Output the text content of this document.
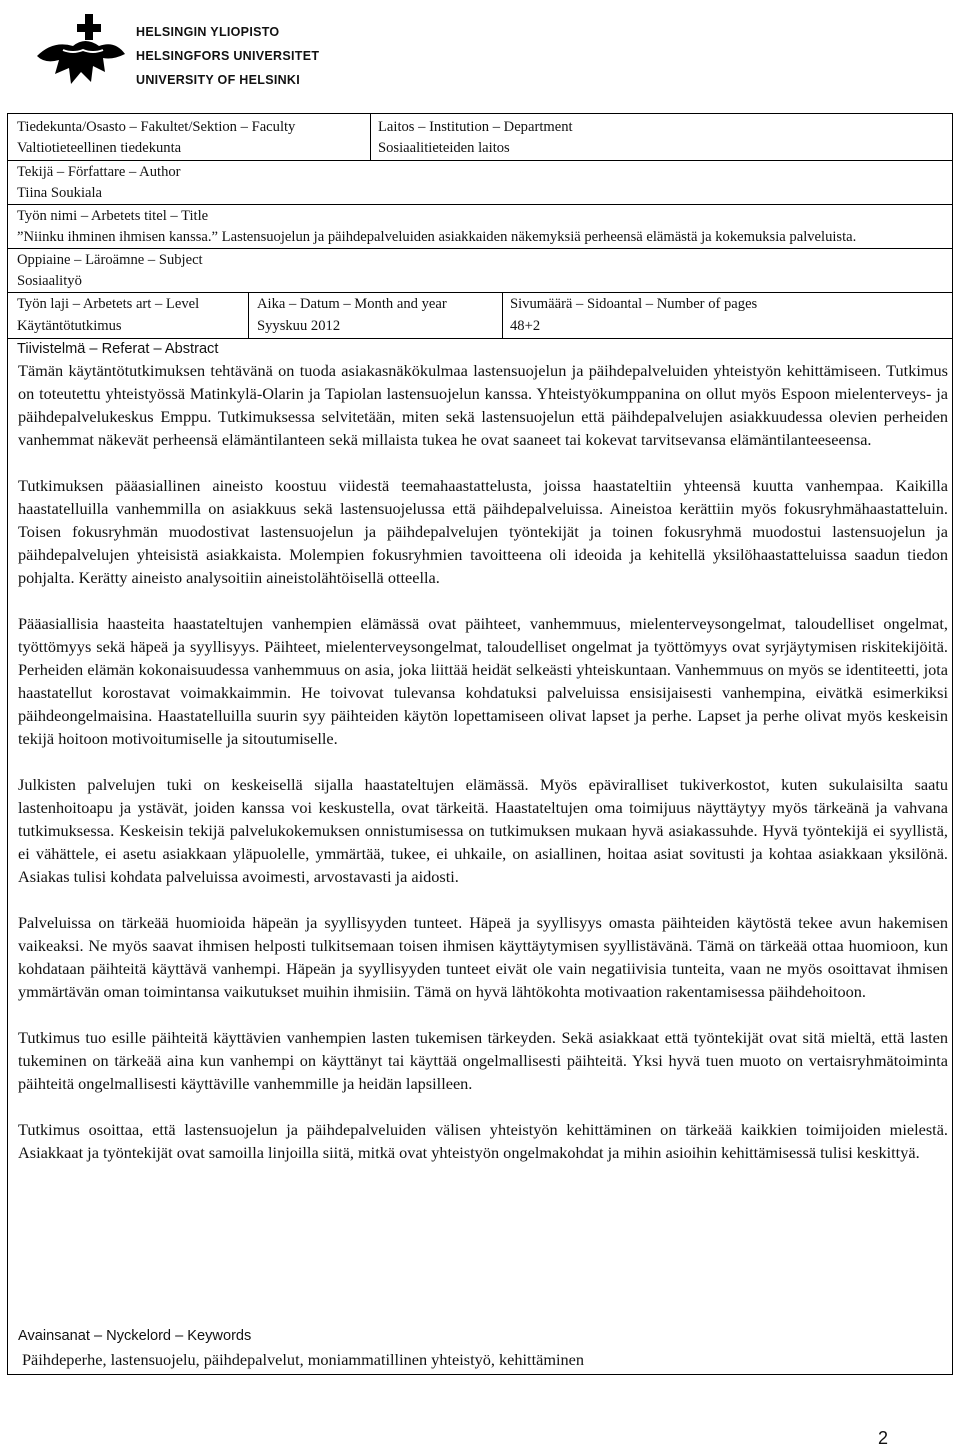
HELSINGIN YLIOPISTO
HELSINGFORS UNIVERSITET
UNIVERSITY OF HELSINKI
Tiedekunta/Osasto – Fakultet/Sektion – Faculty
Valtiotieteellinen tiedekunta
Laitos – Institution – Department
Sosiaalitieteiden laitos
Tekijä – Författare – Author
Tiina Soukiala
Työn nimi – Arbetets titel – Title
”Niinku ihminen ihmisen kanssa.” Lastensuojelun ja päihdepalveluiden asiakkaiden näkemyksiä perheensä elämästä ja kokemuksia palveluista.
Oppiaine – Läroämne – Subject
Sosiaalityö
Työn laji – Arbetets art – Level
Käytäntötutkimus
Aika – Datum – Month and year
Syyskuu 2012
Sivumäärä – Sidoantal – Number of pages
48+2
Tiivistelmä – Referat – Abstract

Tämän käytäntötutkimuksen tehtävänä on tuoda asiakasnäkökulmaa lastensuojelun ja päihdepalveluiden yhteistyön kehittämiseen. Tutkimus on toteutettu yhteistyössä Matinkylä-Olarin ja Tapiolan lastensuojelun kanssa. Yhteistyökumppanina on ollut myös Espoon mielenterveys- ja päihdepalvelukeskus Emppu. Tutkimuksessa selvitetään, miten sekä lastensuojelun että päihdepalvelujen asiakkuudessa olevien perheiden vanhemmat näkevät perheensä elämäntilanteen sekä millaista tukea he ovat saaneet tai kokevat tarvitsevansa elämäntilanteeseensa.

Tutkimuksen pääasiallinen aineisto koostuu viidestä teemahaastattelusta, joissa haastateltiin yhteensä kuutta vanhempaa. Kaikilla haastatelluilla vanhemmilla on asiakkuus sekä lastensuojelussa että päihdepalveluissa. Aineistoa kerättiin myös fokusryhmähaastatteluin. Toisen fokusryhmän muodostivat lastensuojelun ja päihdepalvelujen työntekijät ja toinen fokusryhmä muodostui lastensuojelun ja päihdepalvelujen yhteisistä asiakkaista. Molempien fokusryhmien tavoitteena oli ideoida ja kehitellä yksilöhaastatteluissa saadun tiedon pohjalta. Kerätty aineisto analysoitiin aineistolähtöisellä otteella.

Pääasiallisia haasteita haastateltujen vanhempien elämässä ovat päihteet, vanhemmuus, mielenterveysongelmat, taloudelliset ongelmat, työttömyys sekä häpeä ja syyllisyys. Päihteet, mielenterveysongelmat, taloudelliset ongelmat ja työttömyys ovat syrjäytymisen riskitekijöitä. Perheiden elämän kokonaisuudessa vanhemmuus on asia, joka liittää heidät selkeästi yhteiskuntaan. Vanhemmuus on myös se identiteetti, jota haastatellut korostavat voimakkaimmin. He toivovat tulevansa kohdatuksi palveluissa ensisijaisesti vanhempina, eivätkä esimerkiksi päihdeongelmaisina. Haastatelluilla suurin syy päihteiden käytön lopettamiseen olivat lapset ja perhe. Lapset ja perhe olivat myös keskeisin tekijä hoitoon motivoitumiselle ja sitoutumiselle.

Julkisten palvelujen tuki on keskeisellä sijalla haastateltujen elämässä. Myös epäviralliset tukiverkostot, kuten sukulaisilta saatu lastenhoitoapu ja ystävät, joiden kanssa voi keskustella, ovat tärkeitä. Haastateltujen oma toimijuus näyttäytyy myös tärkeänä ja vahvana tutkimuksessa. Keskeisin tekijä palvelukokemuksen onnistumisessa on tutkimuksen mukaan hyvä asiakassuhde. Hyvä työntekijä ei syyllistä, ei vähättele, ei asetu asiakkaan yläpuolelle, ymmärtää, tukee, ei uhkaile, on asiallinen, hoitaa asiat sovitusti ja kohtaa asiakkaan yksilönä. Asiakas tulisi kohdata palveluissa avoimesti, arvostavasti ja aidosti.

Palveluissa on tärkeää huomioida häpeän ja syyllisyyden tunteet. Häpeä ja syyllisyys omasta päihteiden käytöstä tekee avun hakemisen vaikeaksi. Ne myös saavat ihmisen helposti tulkitsemaan toisen ihmisen käyttäytymisen syyllistävänä. Tämä on tärkeää ottaa huomioon, kun kohdataan päihteitä käyttävä vanhempi. Häpeän ja syyllisyyden tunteet eivät ole vain negatiivisia tunteita, vaan ne myös osoittavat ihmisen ymmärtävän oman toimintansa vaikutukset muihin ihmisiin. Tämä on hyvä lähtökohta motivaation rakentamisessa päihdehoitoon.

Tutkimus tuo esille päihteitä käyttävien vanhempien lasten tukemisen tärkeyden. Sekä asiakkaat että työntekijät ovat sitä mieltä, että lasten tukeminen on tärkeää aina kun vanhempi on käyttänyt tai käyttää ongelmallisesti päihteitä. Yksi hyvä tuen muoto on vertaisryhmätoiminta päihteitä ongelmallisesti käyttäville vanhemmille ja heidän lapsilleen.

Tutkimus osoittaa, että lastensuojelun ja päihdepalveluiden välisen yhteistyön kehittäminen on tärkeää kaikkien toimijoiden mielestä. Asiakkaat ja työntekijät ovat samoilla linjoilla siitä, mitkä ovat yhteistyön ongelmakohdat ja mihin asioihin kehittämisessä tulisi keskittyä.

Avainsanat – Nyckelord – Keywords
Päihdeperhe, lastensuojelu, päihdepalvelut, moniammatillinen yhteistyö, kehittäminen
2
